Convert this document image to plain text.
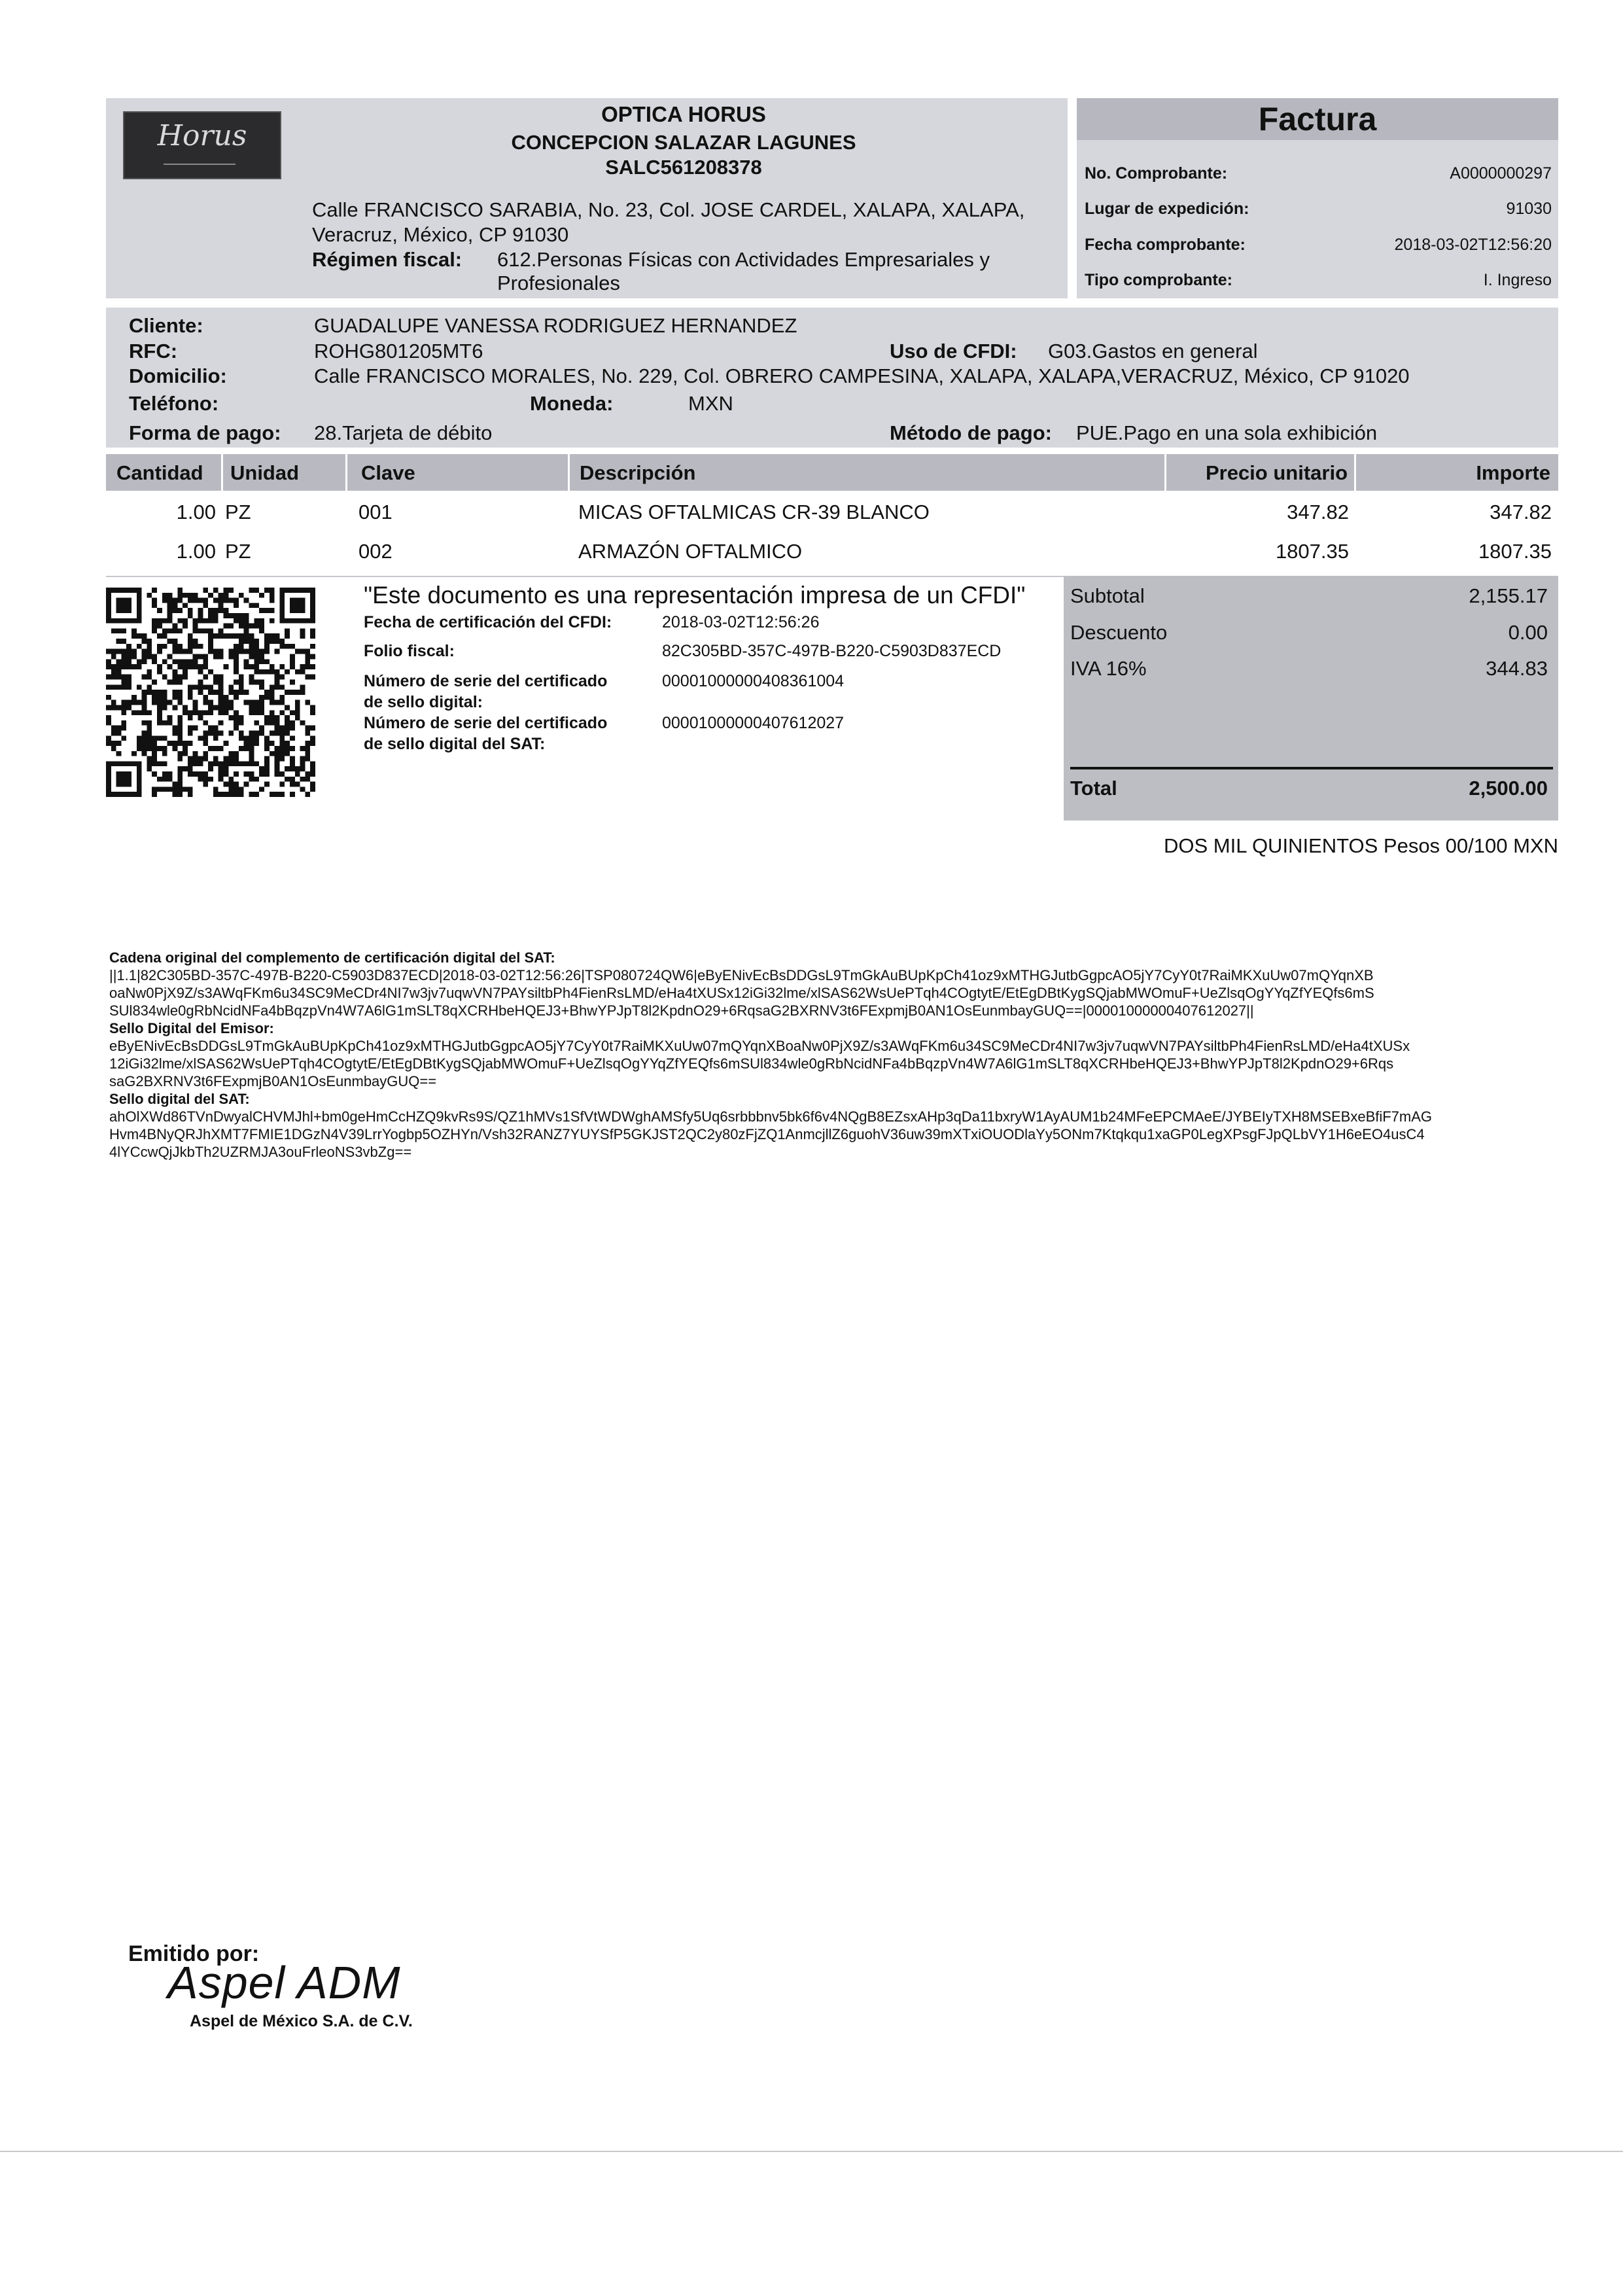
Horus
OPTICA HORUS
CONCEPCION SALAZAR LAGUNES
SALC561208378
Calle FRANCISCO SARABIA, No. 23, Col. JOSE CARDEL, XALAPA, XALAPA,
Veracruz, México, CP 91030
Régimen fiscal: 612.Personas Físicas con Actividades Empresariales y
Profesionales
Factura
No. Comprobante:	A0000000297
Lugar de expedición:	91030
Fecha comprobante:	2018-03-02T12:56:20
Tipo comprobante:	I. Ingreso
Cliente:	GUADALUPE VANESSA RODRIGUEZ HERNANDEZ
RFC:	ROHG801205MT6	Uso de CFDI: G03.Gastos en general
Domicilio:	Calle FRANCISCO MORALES, No. 229, Col. OBRERO CAMPESINA, XALAPA, XALAPA,VERACRUZ, México, CP 91020
Teléfono:	Moneda:	MXN
Forma de pago: 28.Tarjeta de débito	Método de pago: PUE.Pago en una sola exhibición
Cantidad Unidad	Clave	Descripción	Precio unitario	Importe
1.00 PZ	001	MICAS OFTALMICAS CR-39 BLANCO	347.82	347.82
1.00 PZ	002	ARMAZÓN OFTALMICO	1807.35	1807.35
"Este documento es una representación impresa de un CFDI"
Fecha de certificación del CFDI:	2018-03-02T12:56:26
Folio fiscal:	82C305BD-357C-497B-B220-C5903D837ECD
Número de serie del certificado
de sello digital:
00001000000408361004
Número de serie del certificado
de sello digital del SAT:
00001000000407612027
Subtotal	2,155.17
Descuento	0.00
IVA 16%	344.83
Total	2,500.00
DOS MIL QUINIENTOS Pesos 00/100 MXN
Cadena original del complemento de certificación digital del SAT:
||1.1|82C305BD-357C-497B-B220-C5903D837ECD|2018-03-02T12:56:26|TSP080724QW6|eByENivEcBsDDGsL9TmGkAuBUpKpCh41oz9xMTHGJutbGgpcAO5jY7CyY0t7RaiMKXuUw07mQYqnXB
oaNw0PjX9Z/s3AWqFKm6u34SC9MeCDr4NI7w3jv7uqwVN7PAYsiltbPh4FienRsLMD/eHa4tXUSx12iGi32lme/xlSAS62WsUePTqh4COgtytE/EtEgDBtKygSQjabMWOmuF+UeZlsqOgYYqZfYEQfs6mS
SUl834wle0gRbNcidNFa4bBqzpVn4W7A6lG1mSLT8qXCRHbeHQEJ3+BhwYPJpT8l2KpdnO29+6RqsaG2BXRNV3t6FExpmjB0AN1OsEunmbayGUQ==|00001000000407612027||
Sello Digital del Emisor:
eByENivEcBsDDGsL9TmGkAuBUpKpCh41oz9xMTHGJutbGgpcAO5jY7CyY0t7RaiMKXuUw07mQYqnXBoaNw0PjX9Z/s3AWqFKm6u34SC9MeCDr4NI7w3jv7uqwVN7PAYsiltbPh4FienRsLMD/eHa4tXUSx
12iGi32lme/xlSAS62WsUePTqh4COgtytE/EtEgDBtKygSQjabMWOmuF+UeZlsqOgYYqZfYEQfs6mSUl834wle0gRbNcidNFa4bBqzpVn4W7A6lG1mSLT8qXCRHbeHQEJ3+BhwYPJpT8l2KpdnO29+6Rqs
saG2BXRNV3t6FExpmjB0AN1OsEunmbayGUQ==
Sello digital del SAT:
ahOlXWd86TVnDwyalCHVMJhl+bm0geHmCcHZQ9kvRs9S/QZ1hMVs1SfVtWDWghAMSfy5Uq6srbbbnv5bk6f6v4NQgB8EZsxAHp3qDa11bxryW1AyAUM1b24MFeEPCMAeE/JYBEIyTXH8MSEBxeBfiF7mAG
Hvm4BNyQRJhXMT7FMIE1DGzN4V39LrrYogbp5OZHYn/Vsh32RANZ7YUYSfP5GKJST2QC2y80zFjZQ1AnmcjllZ6guohV36uw39mXTxiOUODlaYy5ONm7Ktqkqu1xaGP0LegXPsgFJpQLbVY1H6eEO4usC4
4lYCcwQjJkbTh2UZRMJA3ouFrleoNS3vbZg==
Emitido por:
Aspel ADM
Aspel de México S.A. de C.V.
